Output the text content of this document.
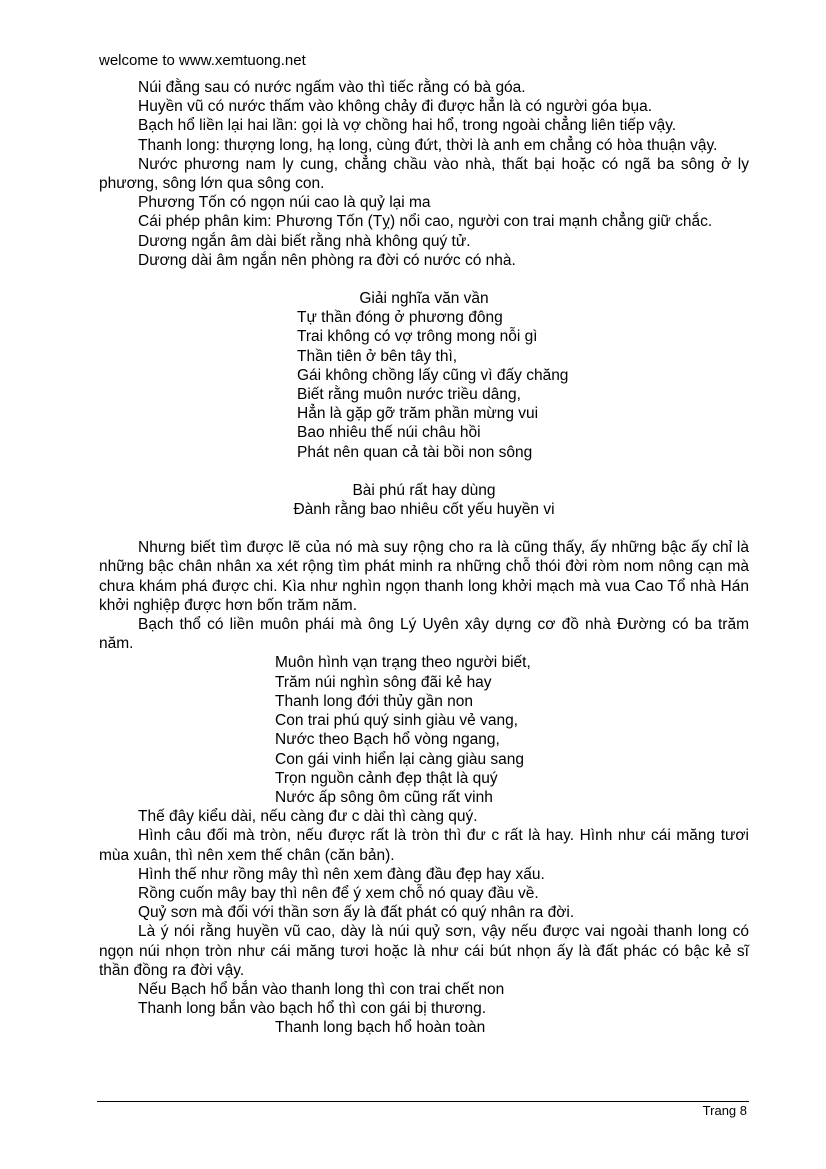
welcome to www.xemtuong.net

Núi đằng sau có nước ngấm vào thì tiếc rằng có bà góa.

Huyền vũ có nước thấm vào không chảy đi được hẳn là có người góa bụa.

Bạch hổ liền lại hai lần: gọi là vợ chồng hai hổ, trong ngoài chẳng liên tiếp vậy.

Thanh long: thượng long, hạ long, cùng đứt, thời là anh em chẳng có hòa thuận vậy.

Nước phương nam ly cung, chẳng chầu vào nhà, thất bại hoặc có ngã ba sông ở ly phương, sông lớn qua sông con.

Phương Tốn có ngọn núi cao là quỷ lại ma

Cái phép phân kim: Phương Tốn (Tỵ) nổi cao, người con trai mạnh chẳng giữ chắc.

Dương ngắn âm dài biết rằng nhà không quý tử.

Dương dài âm ngắn nên phòng ra đời có nước có nhà.

Giải nghĩa văn vần
Tự thần đóng ở phương đông
Trai không có vợ trông mong nỗi gì
Thần tiên ở bên tây thì,
Gái không chồng lấy cũng vì đấy chăng
Biết rằng muôn nước triều dâng,
Hẳn là gặp gỡ trăm phần mừng vui
Bao nhiêu thế núi châu hồi
Phát nên quan cả tài bồi non sông
Bài phú rất hay dùng
Đành rằng bao nhiêu cốt yếu huyền vi

Nhưng biết tìm được lẽ của nó mà suy rộng cho ra là cũng thấy, ấy những bậc ấy chỉ là những bậc chân nhân xa xét rộng tìm phát minh ra những chỗ thói đời ròm nom nông cạn mà chưa khám phá được chi. Kìa như nghìn ngọn thanh long khởi mạch mà vua Cao Tổ nhà Hán khởi nghiệp được hơn bốn trăm năm.

Bạch thổ có liền muôn phái mà ông Lý Uyên xây dựng cơ đồ nhà Đường có ba trăm năm.

Muôn hình vạn trạng theo người biết,
Trăm núi nghìn sông đãi kẻ hay
Thanh long đới thủy gần non
Con trai phú quý sinh giàu vẻ vang,
Nước theo Bạch hổ vòng ngang,
Con gái vinh hiển lại càng giàu sang
Trọn nguồn cảnh đẹp thật là quý
Nước ấp sông ôm cũng rất vinh

Thế đây kiểu dài, nếu càng đư c dài thì càng quý.

Hình câu đối mà tròn, nếu được rất là tròn thì đư c rất là hay. Hình như cái măng tươi mùa xuân, thì nên xem thế chân (căn bản).

Hình thế như rồng mây thì nên xem đàng đầu đẹp hay xấu.

Rồng cuốn mây bay thì nên để ý xem chỗ nó quay đầu về.

Quỷ sơn mà đối với thần sơn ấy là đất phát có quý nhân ra đời.

Là ý nói rằng huyền vũ cao, dày là núi quỷ sơn, vậy nếu được vai ngoài thanh long có ngọn núi nhọn tròn như cái măng tươi hoặc là như cái bút nhọn ấy là đất phác có bậc kẻ sĩ thần đồng ra đời vậy.

Nếu Bạch hổ bắn vào thanh long thì con trai chết non

Thanh long bắn vào bạch hổ thì con gái bị thương.

Thanh long bạch hổ hoàn toàn
Trang 8
